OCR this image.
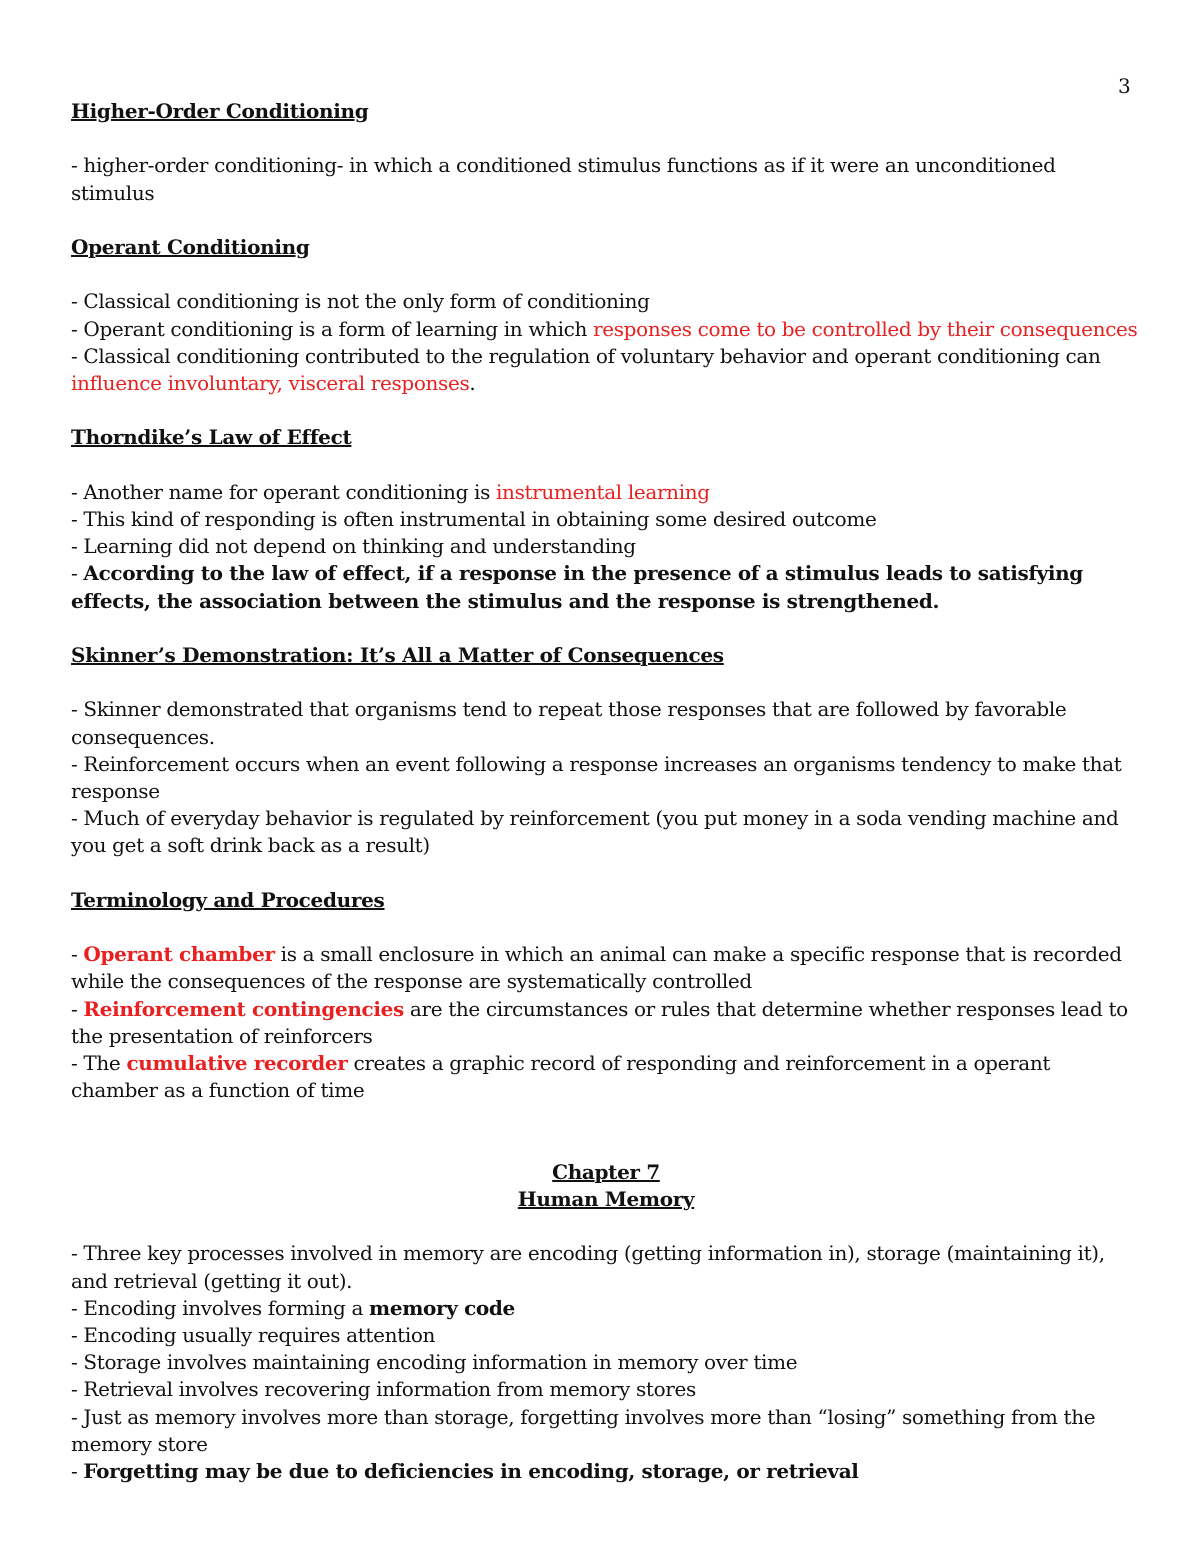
3
Higher-Order Conditioning

- higher-order conditioning- in which a conditioned stimulus functions as if it were an unconditioned stimulus

Operant Conditioning

- Classical conditioning is not the only form of conditioning

- Operant conditioning is a form of learning in which responses come to be controlled by their consequences

- Classical conditioning contributed to the regulation of voluntary behavior and operant conditioning can influence involuntary, visceral responses.

Thorndike’s Law of Effect

- Another name for operant conditioning is instrumental learning

- This kind of responding is often instrumental in obtaining some desired outcome

- Learning did not depend on thinking and understanding

- According to the law of effect, if a response in the presence of a stimulus leads to satisfying effects, the association between the stimulus and the response is strengthened.

Skinner’s Demonstration: It’s All a Matter of Consequences

- Skinner demonstrated that organisms tend to repeat those responses that are followed by favorable consequences.

- Reinforcement occurs when an event following a response increases an organisms tendency to make that response

- Much of everyday behavior is regulated by reinforcement (you put money in a soda vending machine and you get a soft drink back as a result)

Terminology and Procedures

- Operant chamber is a small enclosure in which an animal can make a specific response that is recorded while the consequences of the response are systematically controlled

- Reinforcement contingencies are the circumstances or rules that determine whether responses lead to the presentation of reinforcers

- The cumulative recorder creates a graphic record of responding and reinforcement in a operant chamber as a function of time

Chapter 7

Human Memory

- Three key processes involved in memory are encoding (getting information in), storage (maintaining it), and retrieval (getting it out).

- Encoding involves forming a memory code

- Encoding usually requires attention

- Storage involves maintaining encoding information in memory over time

- Retrieval involves recovering information from memory stores

- Just as memory involves more than storage, forgetting involves more than “losing” something from the memory store

- Forgetting may be due to deficiencies in encoding, storage, or retrieval
